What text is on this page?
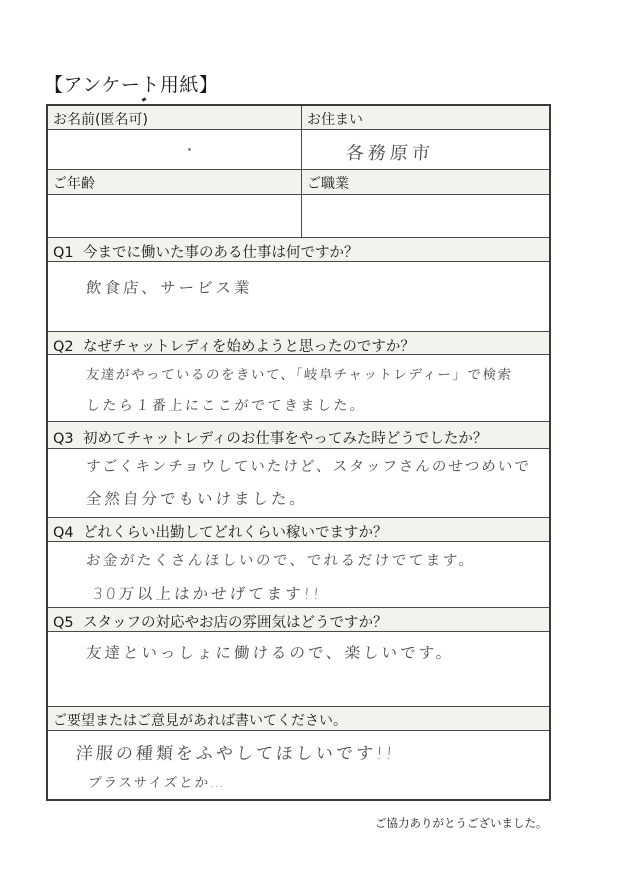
【アンケート用紙】
お名前(匿名可)	お住まい
各務原市
ご年齢	ご職業
Q1 今までに働いた事のある仕事は何ですか？
飲食店、サービス業
Q2 なぜチャットレディを始めようと思ったのですか？
友達がやっているのをきいて、「岐阜チャットレディー」で検索
したら１番上にここがでてきました。
Q3 初めてチャットレディのお仕事をやってみた時どうでしたか？
すごくキンチョウしていたけど、スタッフさんのせつめいで
全然自分でもいけました。
Q4 どれくらい出勤してどれくらい稼いでますか？
お金がたくさんほしいので、でれるだけでてます。
30万以上はかせげてます!!
Q5 スタッフの対応やお店の雰囲気はどうですか？
友達といっしょに働けるので、楽しいです。
ご要望またはご意見があれば書いてください。
洋服の種類をふやしてほしいです!!
プラスサイズとか…
ご協力ありがとうございました。
